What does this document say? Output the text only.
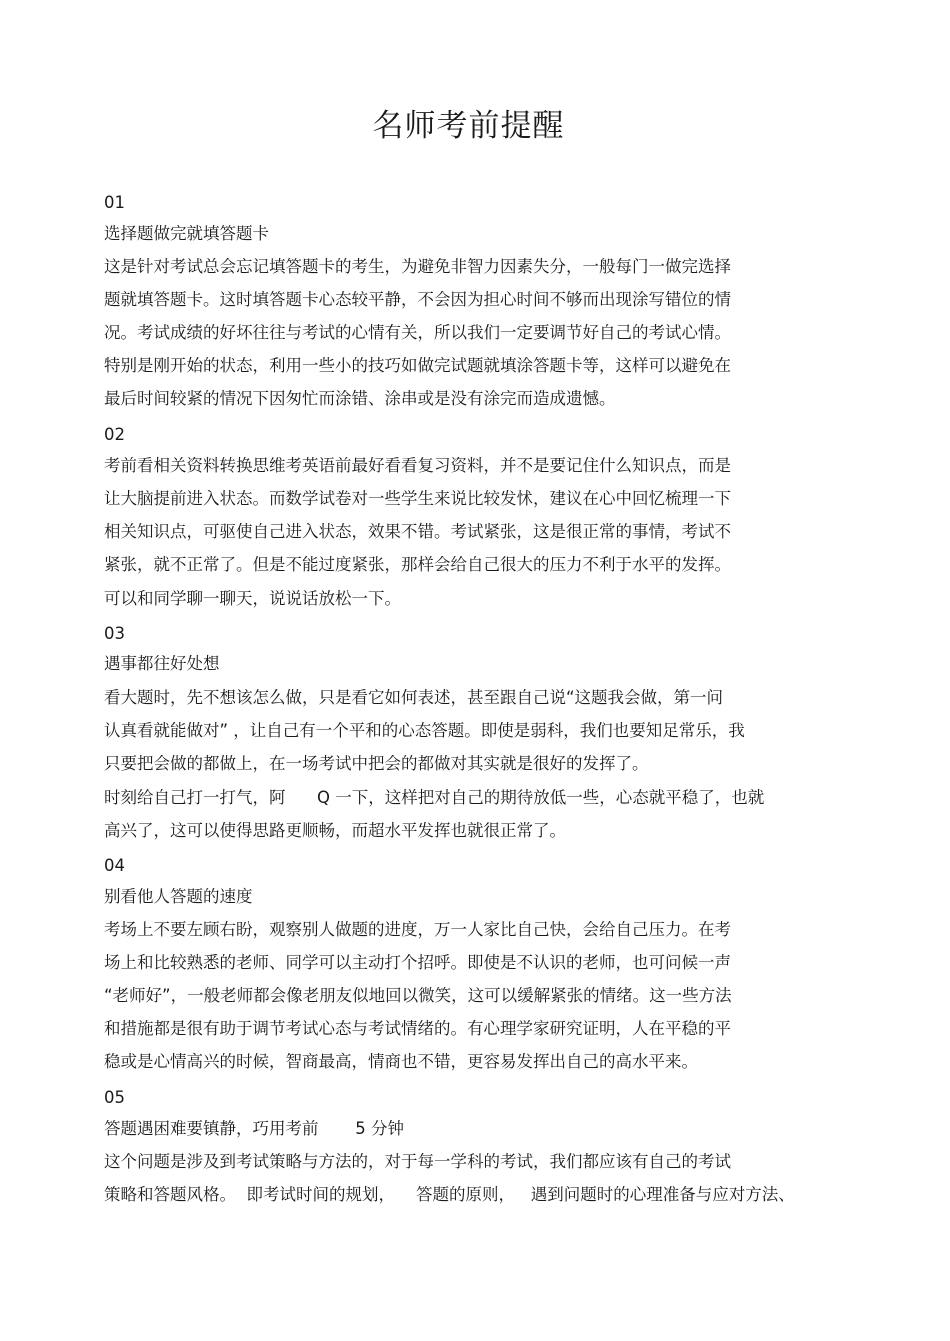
名师考前提醒

01

选择题做完就填答题卡

这是针对考试总会忘记填答题卡的考生，为避免非智力因素失分，一般每门一做完选择

题就填答题卡。这时填答题卡心态较平静，不会因为担心时间不够而出现涂写错位的情

况。考试成绩的好坏往往与考试的心情有关，所以我们一定要调节好自己的考试心情。

特别是刚开始的状态，利用一些小的技巧如做完试题就填涂答题卡等，这样可以避免在

最后时间较紧的情况下因匆忙而涂错、涂串或是没有涂完而造成遗憾。

02

考前看相关资料转换思维考英语前最好看看复习资料，并不是要记住什么知识点，而是

让大脑提前进入状态。而数学试卷对一些学生来说比较发怵，建议在心中回忆梳理一下

相关知识点，可驱使自己进入状态，效果不错。考试紧张，这是很正常的事情，考试不

紧张，就不正常了。但是不能过度紧张，那样会给自己很大的压力不利于水平的发挥。

可以和同学聊一聊天，说说话放松一下。

03

遇事都往好处想

看大题时，先不想该怎么做，只是看它如何表述，甚至跟自己说“这题我会做，第一问

认真看就能做对” ，让自己有一个平和的心态答题。即使是弱科，我们也要知足常乐，我

只要把会做的都做上，在一场考试中把会的都做对其实就是很好的发挥了。

时刻给自己打一打气，阿      Q 一下，这样把对自己的期待放低一些，心态就平稳了，也就

高兴了，这可以使得思路更顺畅，而超水平发挥也就很正常了。

04

别看他人答题的速度

考场上不要左顾右盼，观察别人做题的进度，万一人家比自己快，会给自己压力。在考

场上和比较熟悉的老师、同学可以主动打个招呼。即使是不认识的老师，也可问候一声

“老师好”，一般老师都会像老朋友似地回以微笑，这可以缓解紧张的情绪。这一些方法

和措施都是很有助于调节考试心态与考试情绪的。有心理学家研究证明，人在平稳的平

稳或是心情高兴的时候，智商最高，情商也不错，更容易发挥出自己的高水平来。

05

答题遇困难要镇静，巧用考前       5 分钟

这个问题是涉及到考试策略与方法的，对于每一学科的考试，我们都应该有自己的考试

策略和答题风格。  即考试时间的规划，    答题的原则，   遇到问题时的心理准备与应对方法、
